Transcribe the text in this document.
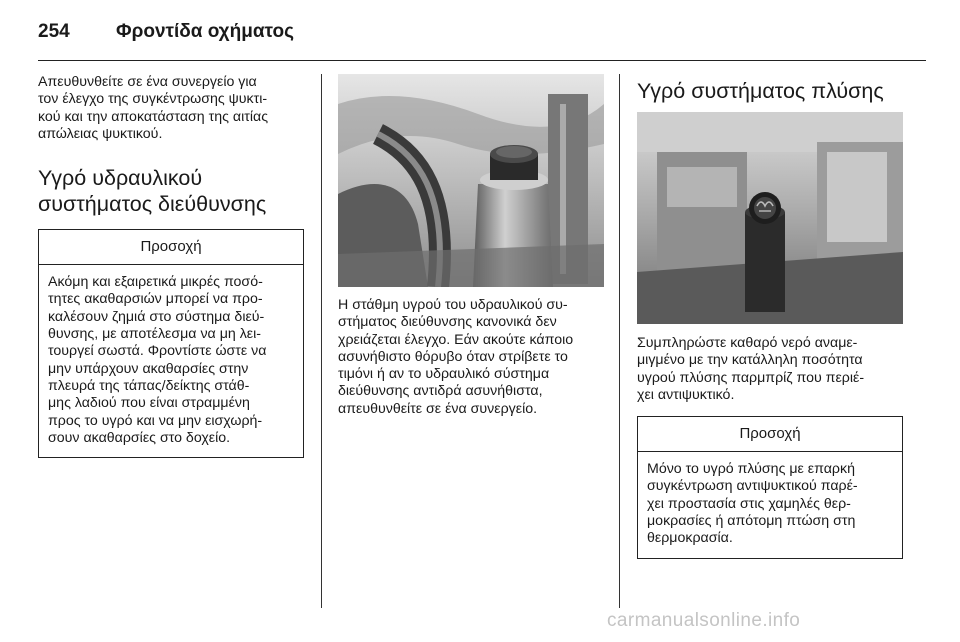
254	Φροντίδα οχήματος

Απευθυνθείτε σε ένα συνεργείο για
τον έλεγχο της συγκέντρωσης ψυκτι-
κού και την αποκατάσταση της αιτίας
απώλειας ψυκτικού.

Υγρό υδραυλικού
συστήματος διεύθυνσης
Προσοχή
Ακόμη και εξαιρετικά μικρές ποσό-
τητες ακαθαρσιών μπορεί να προ-
καλέσουν ζημιά στο σύστημα διεύ-
θυνσης, με αποτέλεσμα να μη λει-
τουργεί σωστά. Φροντίστε ώστε να
μην υπάρχουν ακαθαρσίες στην
πλευρά της τάπας/δείκτης στάθ-
μης λαδιού που είναι στραμμένη
προς το υγρό και να μην εισχωρή-
σουν ακαθαρσίες στο δοχείο.

Η στάθμη υγρού του υδραυλικού συ-
στήματος διεύθυνσης κανονικά δεν
χρειάζεται έλεγχο. Εάν ακούτε κάποιο
ασυνήθιστο θόρυβο όταν στρίβετε το
τιμόνι ή αν το υδραυλικό σύστημα
διεύθυνσης αντιδρά ασυνήθιστα,
απευθυνθείτε σε ένα συνεργείο.

Υγρό συστήματος πλύσης

Συμπληρώστε καθαρό νερό αναμε-
μιγμένο με την κατάλληλη ποσότητα
υγρού πλύσης παρμπρίζ που περιέ-
χει αντιψυκτικό.

Προσοχή
Μόνο το υγρό πλύσης με επαρκή
συγκέντρωση αντιψυκτικού παρέ-
χει προστασία στις χαμηλές θερ-
μοκρασίες ή απότομη πτώση στη
θερμοκρασία.
carmanualsonline.info
